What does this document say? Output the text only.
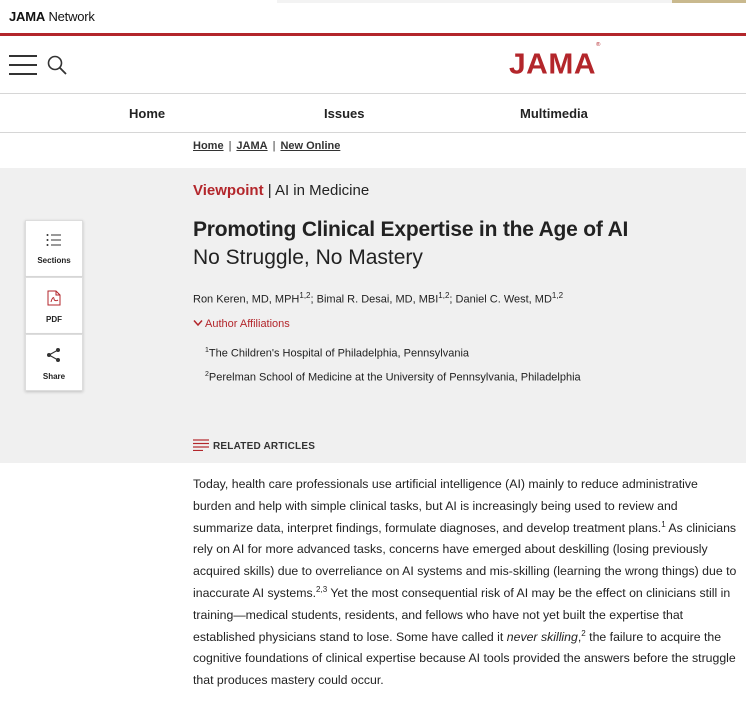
JAMA Network
JAMA®
Home	Issues	Multimedia
Home | JAMA | New Online
Viewpoint | AI in Medicine
Promoting Clinical Expertise in the Age of AI
No Struggle, No Mastery
Ron Keren, MD, MPH$^{1,2}$; Bimal R. Desai, MD, MBI$^{1,2}$; Daniel C. West, MD$^{1,2}$
Author Affiliations
$^1$The Children's Hospital of Philadelphia, Pennsylvania
$^2$Perelman School of Medicine at the University of Pennsylvania, Philadelphia
RELATED ARTICLES
Sections
PDF
Share
Today, health care professionals use artificial intelligence (AI) mainly to reduce administrative burden and help with simple clinical tasks, but AI is increasingly being used to review and summarize data, interpret findings, formulate diagnoses, and develop treatment plans.$^1$ As clinicians rely on AI for more advanced tasks, concerns have emerged about deskilling (losing previously acquired skills) due to overreliance on AI systems and mis-skilling (learning the wrong things) due to inaccurate AI systems.$^{2,3}$ Yet the most consequential risk of AI may be the effect on clinicians still in training—medical students, residents, and fellows who have not yet built the expertise that established physicians stand to lose. Some have called it never skilling,$^2$ the failure to acquire the cognitive foundations of clinical expertise because AI tools provided the answers before the struggle that produces mastery could occur.
